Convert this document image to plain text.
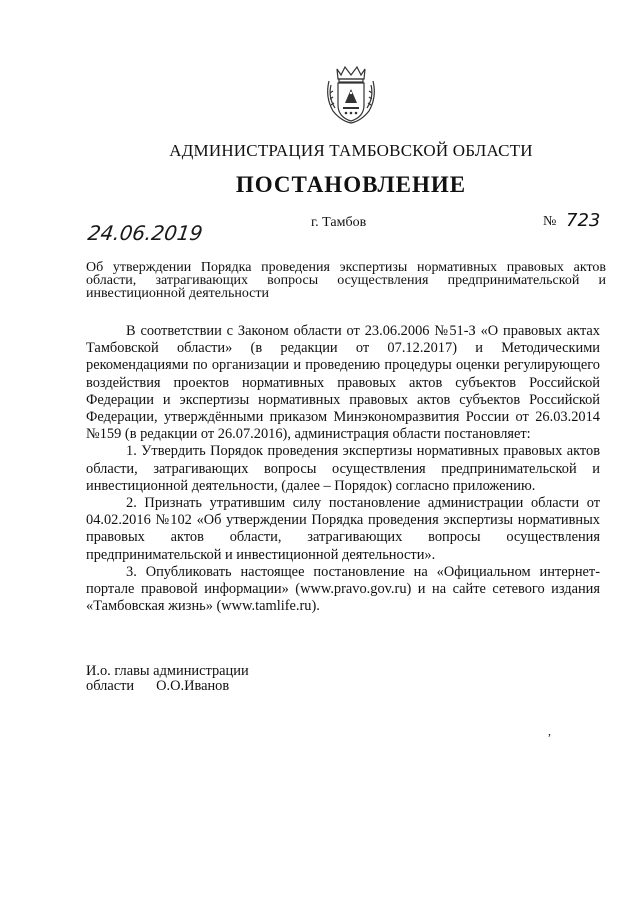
АДМИНИСТРАЦИЯ ТАМБОВСКОЙ ОБЛАСТИ
ПОСТАНОВЛЕНИЕ
24.06.2019	г. Тамбов	№ 723
Об утверждении Порядка проведения экспертизы нормативных правовых актов области, затрагивающих вопросы осуществления предпринимательской и инвестиционной деятельности

В соответствии с Законом области от 23.06.2006 №51-З «О правовых актах Тамбовской области» (в редакции от 07.12.2017) и Методическими рекомендациями по организации и проведению процедуры оценки регулирующего воздействия проектов нормативных правовых актов субъектов Российской Федерации и экспертизы нормативных правовых актов субъектов Российской Федерации, утверждёнными приказом Минэкономразвития России от 26.03.2014 №159 (в редакции от 26.07.2016), администрация области постановляет:

1. Утвердить Порядок проведения экспертизы нормативных правовых актов области, затрагивающих вопросы осуществления предпринимательской и инвестиционной деятельности, (далее – Порядок) согласно приложению.

2. Признать утратившим силу постановление администрации области от 04.02.2016 №102 «Об утверждении Порядка проведения экспертизы нормативных правовых актов области, затрагивающих вопросы осуществления предпринимательской и инвестиционной деятельности».

3. Опубликовать настоящее постановление на «Официальном интернет-портале правовой информации» (www.pravo.gov.ru) и на сайте сетевого издания «Тамбовская жизнь» (www.tamlife.ru).

И.о. главы администрации
области О.О.Иванов
,
